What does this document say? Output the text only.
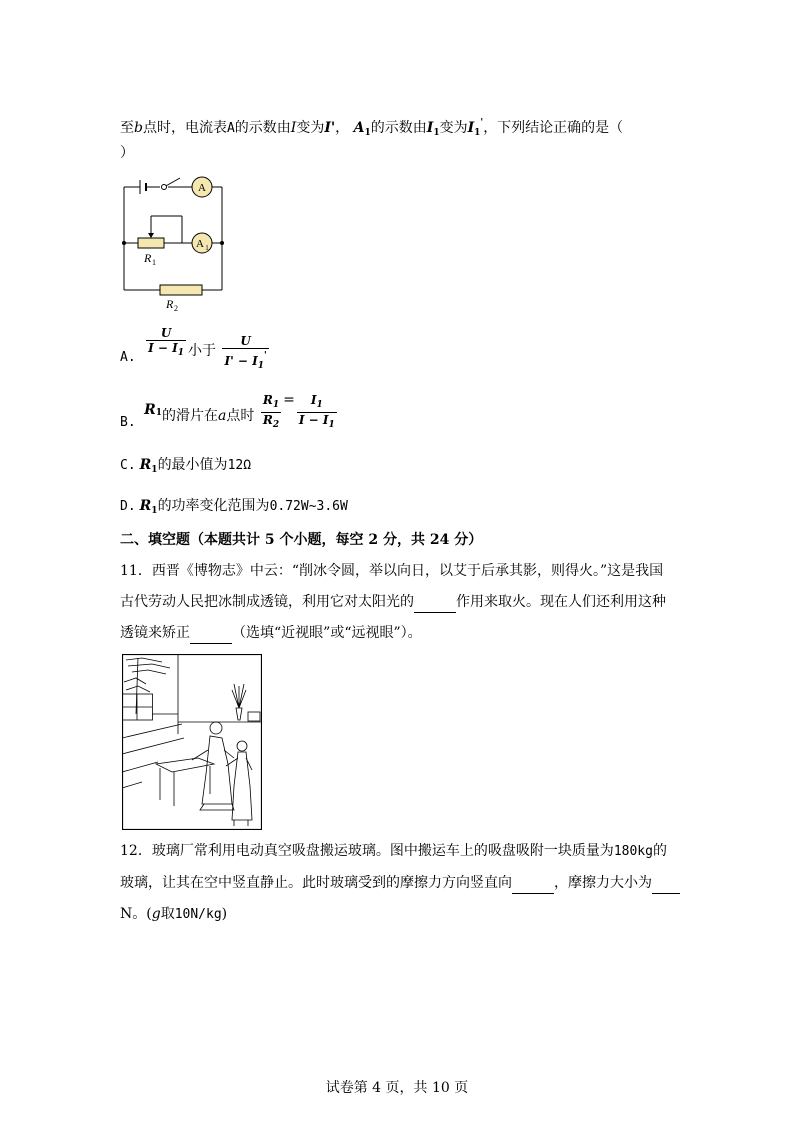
至b点时，电流表A的示数由I变为I'， $A_1$的示数由$I_1$变为$I_1'$，下列结论正确的是（
）
A
A 1
R 1
R 2
A. $\frac{U}{I - I_1}$ 小于 $\frac{U}{I' - I_1'}$
B. $R_1$的滑片在a点时 $\frac{R_1}{R_2} = \frac{I_1}{I - I_1}$
C. $R_1$的最小值为12Ω
D. $R_1$的功率变化范围为0.72W~3.6W
二、填空题（本题共计 5 个小题，每空 2 分，共 24 分）
11．西晋《博物志》中云：“削冰令圆，举以向日，以艾于后承其影，则得火。”这是我国
古代劳动人民把冰制成透镜，利用它对太阳光的	作用来取火。现在人们还利用这种
透镜来矫正	（选填“近视眼”或“远视眼”）。
12．玻璃厂常利用电动真空吸盘搬运玻璃。图中搬运车上的吸盘吸附一块质量为180kg的
玻璃，让其在空中竖直静止。此时玻璃受到的摩擦力方向竖直向	，摩擦力大小为
N。(g取10N/kg)
试卷第 4 页，共 10 页
